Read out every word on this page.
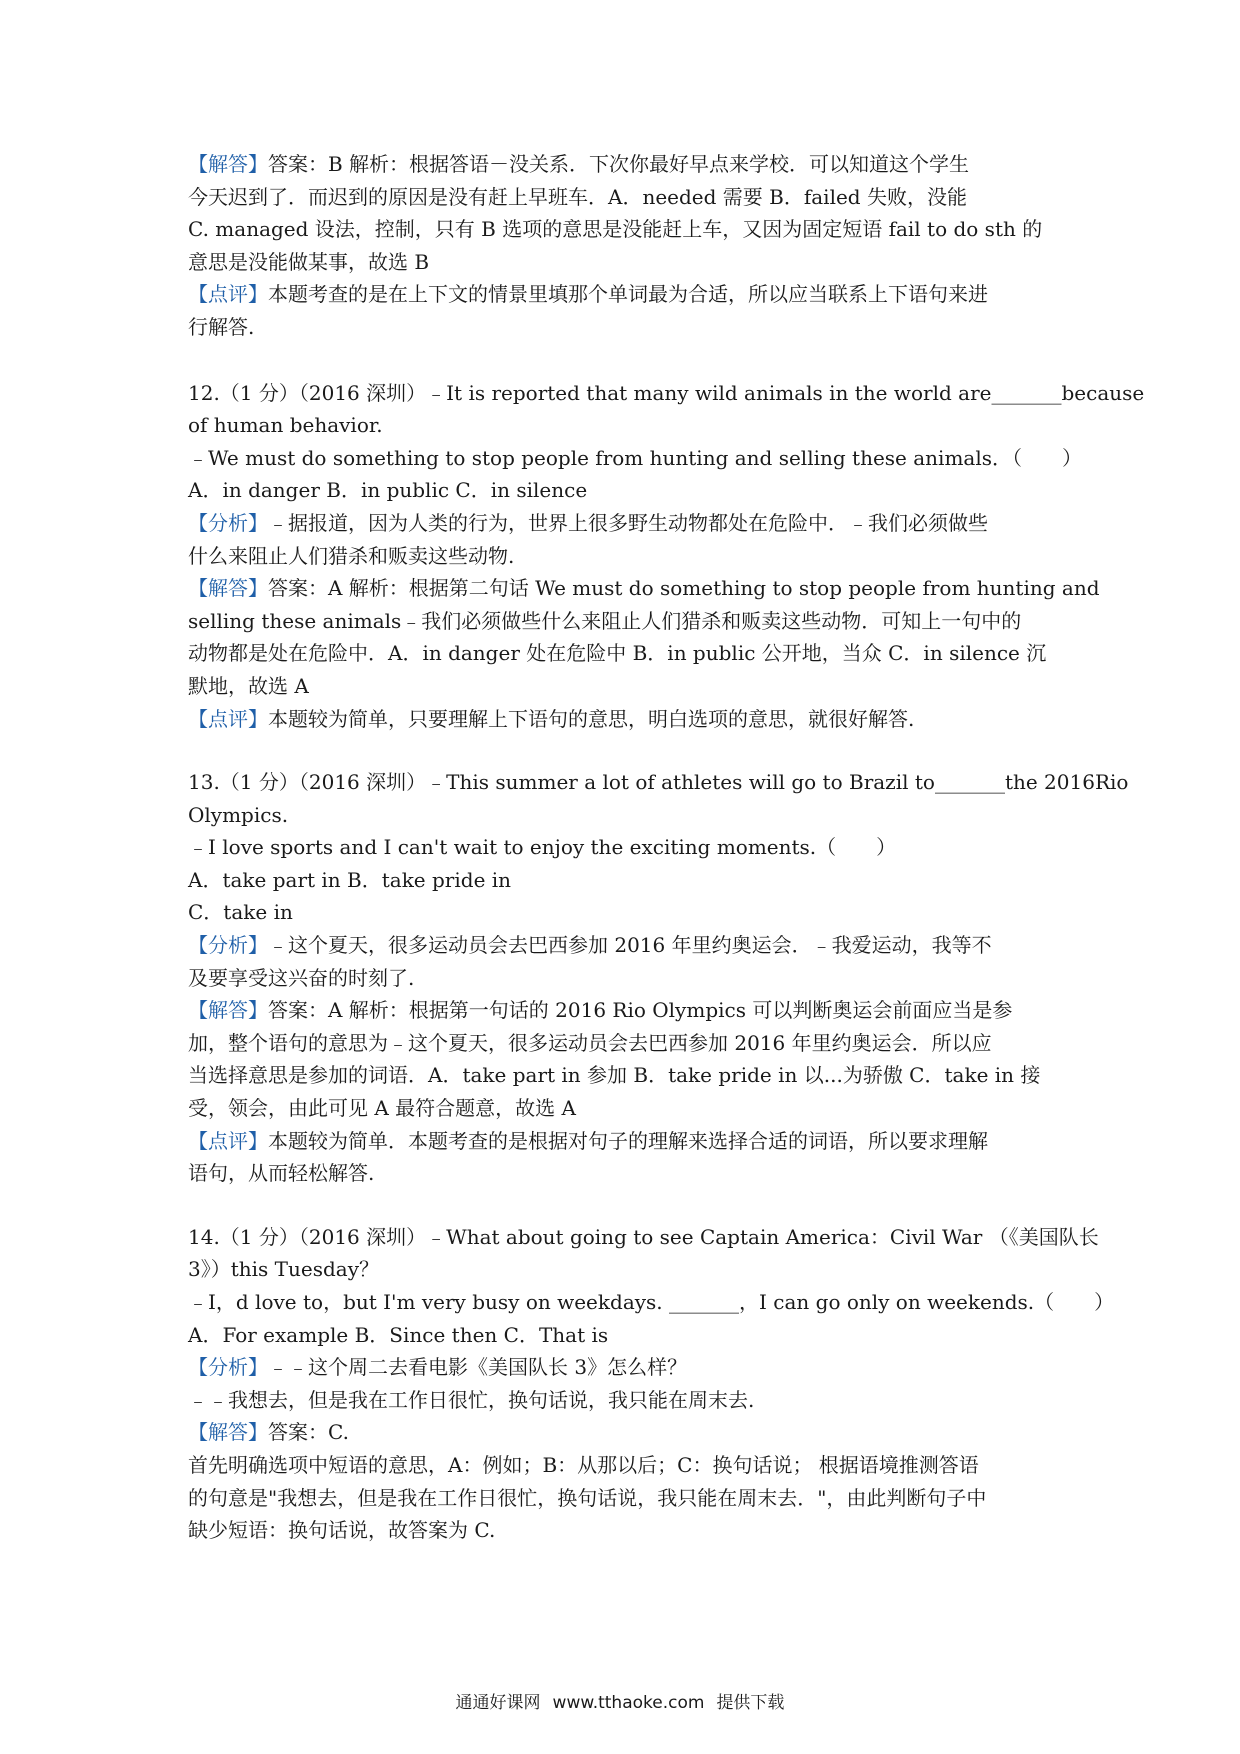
【解答】答案：B 解析：根据答语－没关系．下次你最好早点来学校．可以知道这个学生
今天迟到了．而迟到的原因是没有赶上早班车．A．needed 需要 B．failed 失败，没能
C. managed 设法，控制，只有 B 选项的意思是没能赶上车，又因为固定短语 fail to do sth 的
意思是没能做某事，故选 B
【点评】本题考查的是在上下文的情景里填那个单词最为合适，所以应当联系上下语句来进
行解答.
12.（1 分）（2016 深圳）﹣It is reported that many wild animals in the world are_______because
of human behavior.
﹣We must do something to stop people from hunting and selling these animals．（　　）
A．in danger B．in public C．in silence
【分析】﹣据报道，因为人类的行为，世界上很多野生动物都处在危险中．﹣我们必须做些
什么来阻止人们猎杀和贩卖这些动物.
【解答】答案：A 解析：根据第二句话 We must do something to stop people from hunting and
selling these animals﹣我们必须做些什么来阻止人们猎杀和贩卖这些动物．可知上一句中的
动物都是处在危险中．A．in danger 处在危险中 B．in public 公开地，当众 C．in silence 沉
默地，故选 A
【点评】本题较为简单，只要理解上下语句的意思，明白选项的意思，就很好解答.
13.（1 分）（2016 深圳）﹣This summer a lot of athletes will go to Brazil to_______the 2016Rio
Olympics.
﹣I love sports and I can't wait to enjoy the exciting moments.（　　）
A．take part in B．take pride in
C．take in
【分析】﹣这个夏天，很多运动员会去巴西参加 2016 年里约奥运会．﹣我爱运动，我等不
及要享受这兴奋的时刻了.
【解答】答案：A 解析：根据第一句话的 2016 Rio Olympics 可以判断奥运会前面应当是参
加，整个语句的意思为﹣这个夏天，很多运动员会去巴西参加 2016 年里约奥运会．所以应
当选择意思是参加的词语．A．take part in 参加 B．take pride in 以...为骄傲 C．take in 接
受，领会，由此可见 A 最符合题意，故选 A
【点评】本题较为简单．本题考查的是根据对句子的理解来选择合适的词语，所以要求理解
语句，从而轻松解答.
14.（1 分）（2016 深圳）﹣What about going to see Captain America：Civil War （《美国队长
3》）this Tuesday？
﹣I，d love to，but I'm very busy on weekdays. _______，I can go only on weekends.（　　）
A．For example B．Since then C．That is
【分析】﹣﹣这个周二去看电影《美国队长 3》怎么样？
﹣﹣我想去，但是我在工作日很忙，换句话说，我只能在周末去.
【解答】答案：C.
首先明确选项中短语的意思，A：例如；B：从那以后；C：换句话说； 根据语境推测答语
的句意是"我想去，但是我在工作日很忙，换句话说，我只能在周末去．"，由此判断句子中
缺少短语：换句话说，故答案为 C.
通通好课网 www.tthaoke.com 提供下载
